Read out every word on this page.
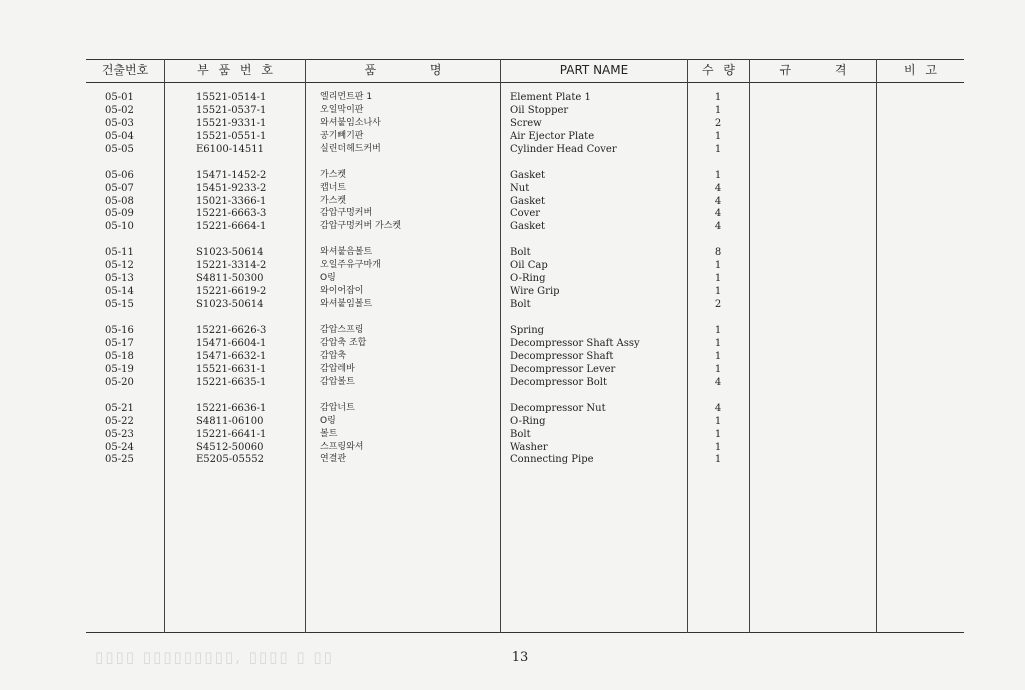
건출번호	부 품 번 호	품 명	PART NAME	수 량	규 격	비 고
05-01	15521-0514-1	엘리먼트판 1	Element Plate 1	1
05-02	15521-0537-1	오일막이판	Oil Stopper	1
05-03	15521-9331-1	와셔붙임소나사	Screw	2
05-04	15521-0551-1	공기빼기판	Air Ejector Plate	1
05-05	E6100-14511	실린더헤드커버	Cylinder Head Cover	1
05-06	15471-1452-2	가스켓	Gasket	1
05-07	15451-9233-2	캡너트	Nut	4
05-08	15021-3366-1	가스켓	Gasket	4
05-09	15221-6663-3	감압구멍커버	Cover	4
05-10	15221-6664-1	감압구멍커버 가스켓	Gasket	4
05-11	S1023-50614	와셔붙음볼트	Bolt	8
05-12	15221-3314-2	오일주유구마개	Oil Cap	1
05-13	S4811-50300	O링	O-Ring	1
05-14	15221-6619-2	와이어잡이	Wire Grip	1
05-15	S1023-50614	와셔붙임볼트	Bolt	2
05-16	15221-6626-3	감압스프링	Spring	1
05-17	15471-6604-1	감압축 조합	Decompressor Shaft Assy	1
05-18	15471-6632-1	감압축	Decompressor Shaft	1
05-19	15521-6631-1	감압레바	Decompressor Lever	1
05-20	15221-6635-1	감압볼트	Decompressor Bolt	4
05-21	15221-6636-1	감압너트	Decompressor Nut	4
05-22	S4811-06100	O링	O-Ring	1
05-23	15221-6641-1	볼트	Bolt	1
05-24	S4512-50060	스프링와셔	Washer	1
05-25	E5205-05552	연결관	Connecting Pipe	1
▯▯▯▯ ▯▯▯▯▯▯▯▯▯, ▯▯▯▯ ▯ ▯▯	13
